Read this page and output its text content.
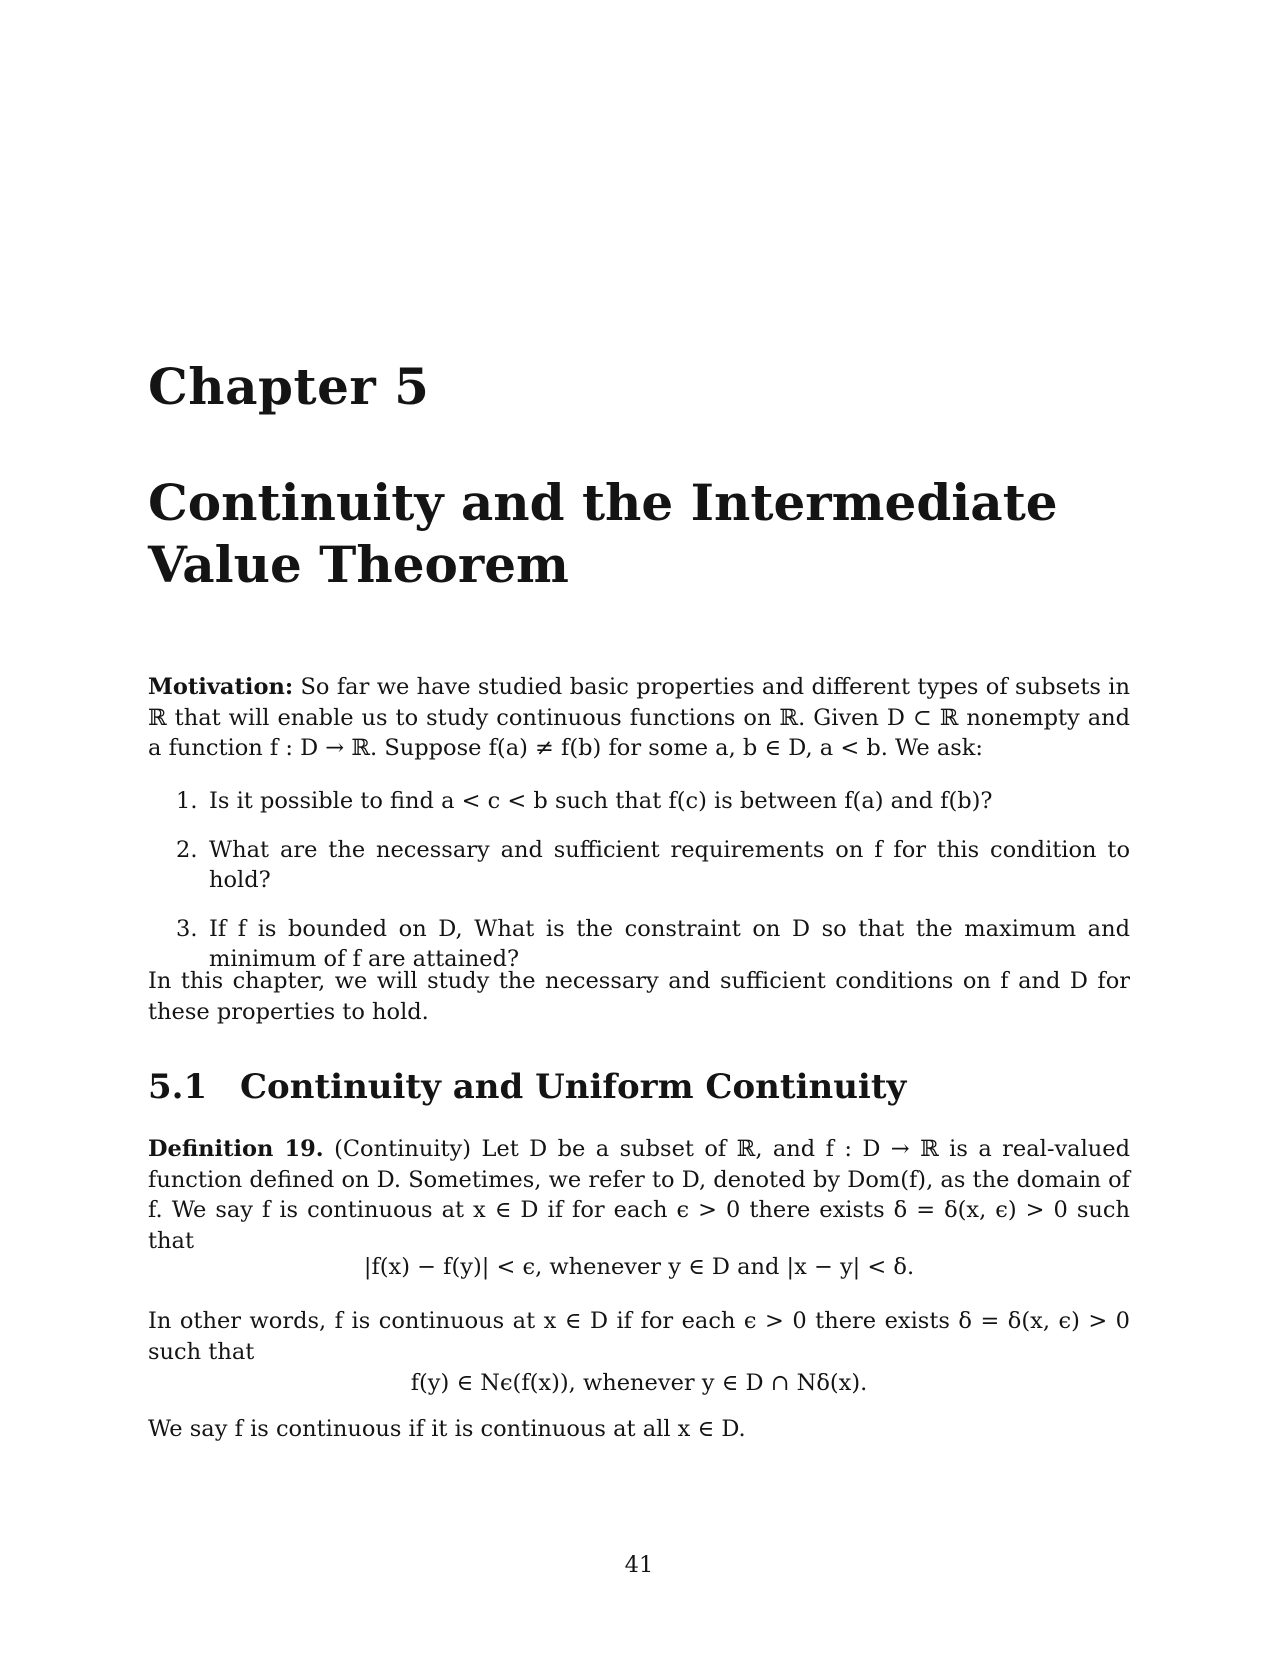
Chapter 5
Continuity and the Intermediate
Value Theorem
Motivation: So far we have studied basic properties and different types of subsets in ℝ that will enable us to study continuous functions on ℝ. Given D ⊂ ℝ nonempty and a function f : D → ℝ. Suppose f(a) ≠ f(b) for some a, b ∈ D, a < b. We ask:
1. Is it possible to find a < c < b such that f(c) is between f(a) and f(b)?
2. What are the necessary and sufficient requirements on f for this condition to hold?
3. If f is bounded on D, What is the constraint on D so that the maximum and minimum of f are attained?
In this chapter, we will study the necessary and sufficient conditions on f and D for these properties to hold.
5.1 Continuity and Uniform Continuity
Definition 19. (Continuity) Let D be a subset of ℝ, and f : D → ℝ is a real-valued function defined on D. Sometimes, we refer to D, denoted by Dom(f), as the domain of f. We say f is continuous at x ∈ D if for each ϵ > 0 there exists δ = δ(x, ϵ) > 0 such that
|f(x) − f(y)| < ϵ, whenever y ∈ D and |x − y| < δ.
In other words, f is continuous at x ∈ D if for each ϵ > 0 there exists δ = δ(x, ϵ) > 0 such that
f(y) ∈ Nϵ(f(x)), whenever y ∈ D ∩ Nδ(x).
We say f is continuous if it is continuous at all x ∈ D.
41
